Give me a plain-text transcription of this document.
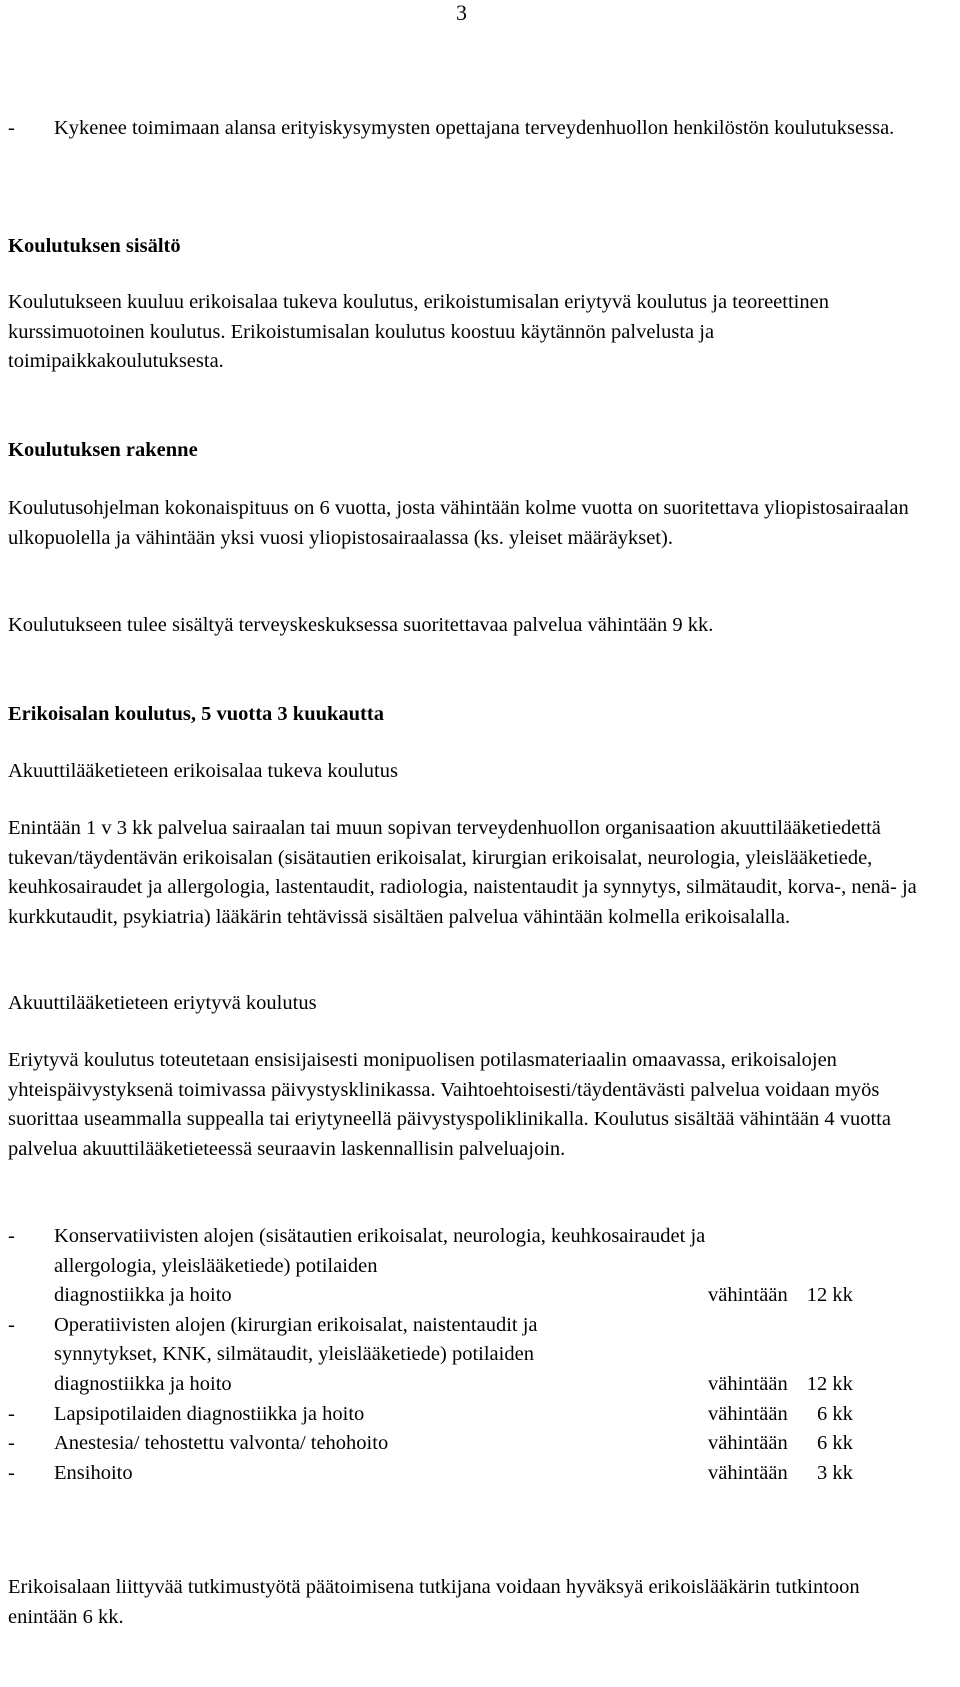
3
- Kykenee toimimaan alansa erityiskysymysten opettajana terveydenhuollon henkilöstön koulutuksessa.

Koulutuksen sisältö
Koulutukseen kuuluu erikoisalaa tukeva koulutus, erikoistumisalan eriytyvä koulutus ja teoreettinen kurssimuotoinen koulutus. Erikoistumisalan koulutus koostuu käytännön palvelusta ja toimipaikkakoulutuksesta.
Koulutuksen rakenne
Koulutusohjelman kokonaispituus on 6 vuotta, josta vähintään kolme vuotta on suoritettava yliopistosairaalan ulkopuolella ja vähintään yksi vuosi yliopistosairaalassa (ks. yleiset määräykset).
Koulutukseen tulee sisältyä terveyskeskuksessa suoritettavaa palvelua vähintään 9 kk.
Erikoisalan koulutus, 5 vuotta 3 kuukautta
Akuuttilääketieteen erikoisalaa tukeva koulutus
Enintään 1 v 3 kk palvelua sairaalan tai muun sopivan terveydenhuollon organisaation akuuttilääketiedettä tukevan/täydentävän erikoisalan (sisätautien erikoisalat, kirurgian erikoisalat, neurologia, yleislääketiede, keuhkosairaudet ja allergologia, lastentaudit, radiologia, naistentaudit ja synnytys, silmätaudit, korva-, nenä- ja kurkkutaudit, psykiatria) lääkärin tehtävissä sisältäen palvelua vähintään kolmella erikoisalalla.
Akuuttilääketieteen eriytyvä koulutus
Eriytyvä koulutus toteutetaan ensisijaisesti monipuolisen potilasmateriaalin omaavassa, erikoisalojen yhteispäivystyksenä toimivassa päivystysklinikassa. Vaihtoehtoisesti/täydentävästi palvelua voidaan myös suorittaa useammalla suppealla tai eriytyneellä päivystyspoliklinikalla. Koulutus sisältää vähintään 4 vuotta palvelua akuuttilääketieteessä seuraavin laskennallisin palveluajoin.
- Konservatiivisten alojen (sisätautien erikoisalat, neurologia, keuhkosairaudet ja
allergologia, yleislääketiede) potilaiden
diagnostiikka ja hoito	vähintään 12 kk
- Operatiivisten alojen (kirurgian erikoisalat, naistentaudit ja
synnytykset, KNK, silmätaudit, yleislääketiede) potilaiden
diagnostiikka ja hoito	vähintään 12 kk
- Lapsipotilaiden diagnostiikka ja hoito	vähintään 6 kk
- Anestesia/ tehostettu valvonta/ tehohoito	vähintään 6 kk
- Ensihoito	vähintään 3 kk
Erikoisalaan liittyvää tutkimustyötä päätoimisena tutkijana voidaan hyväksyä erikoislääkärin tutkintoon enintään 6 kk.
